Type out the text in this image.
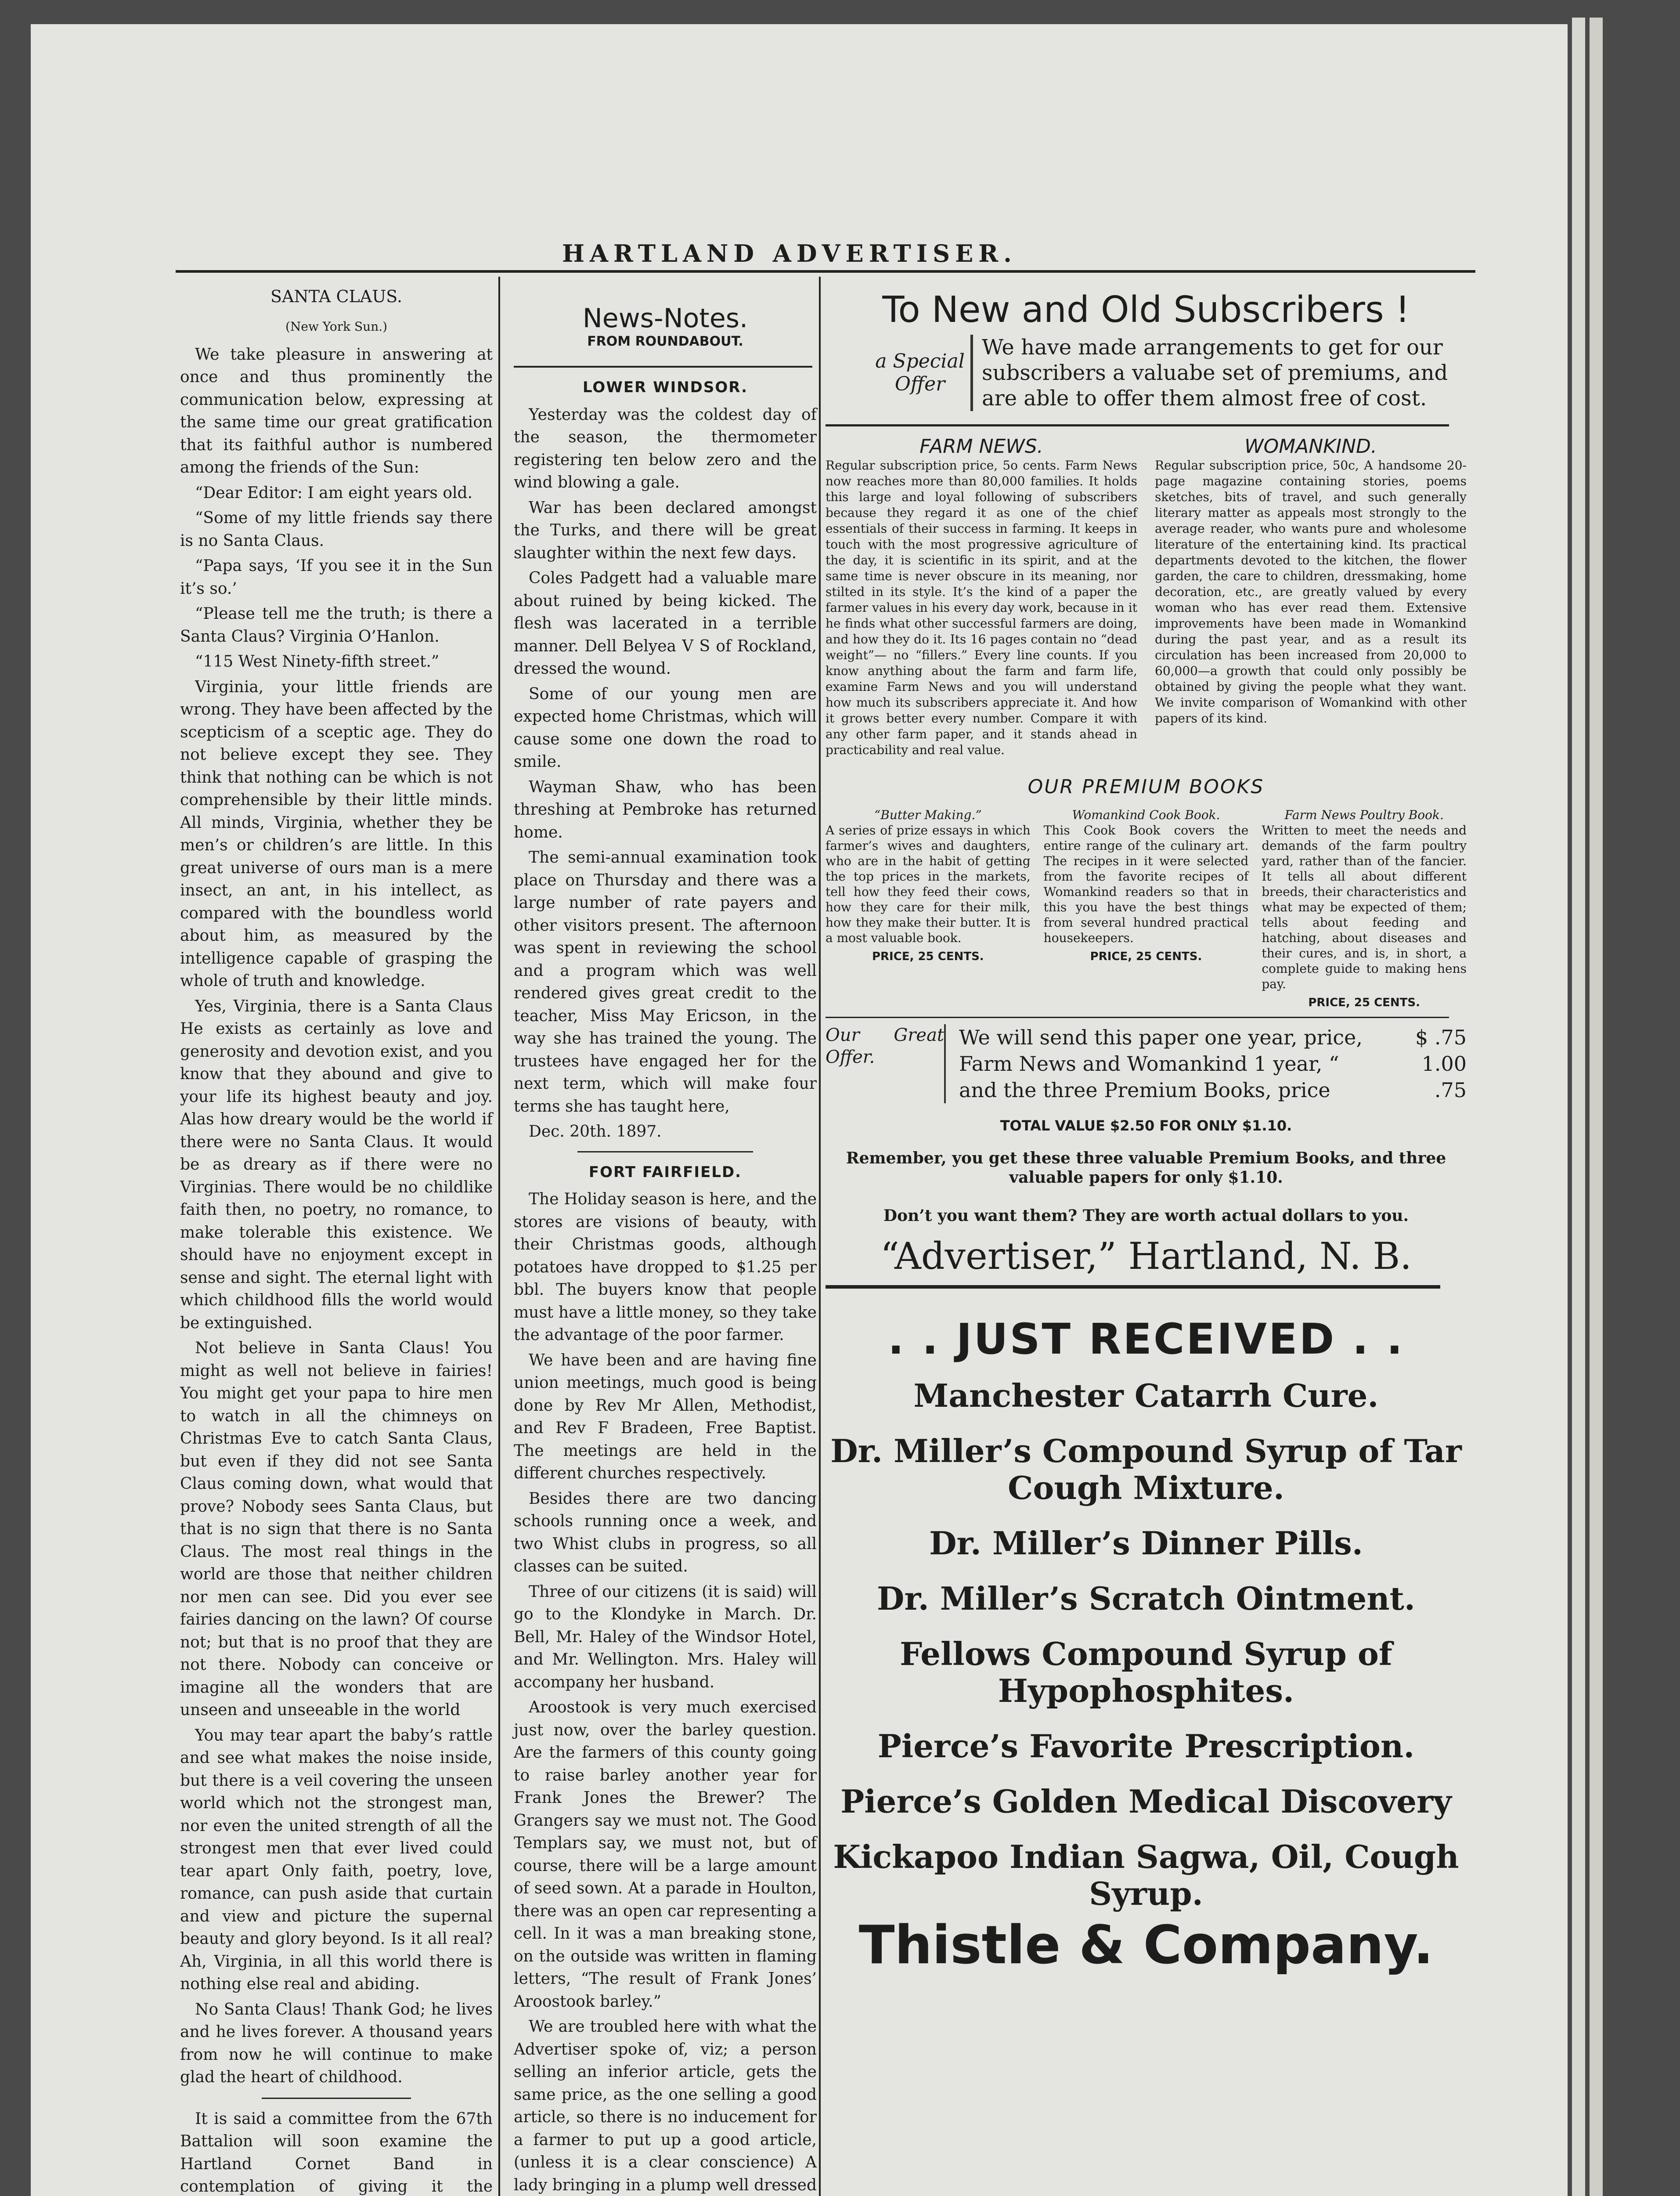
HARTLAND ADVERTISER.
SANTA CLAUS.
(New York Sun.)

We take pleasure in answering at once and thus prominently the communication below, expressing at the same time our great gratification that its faithful author is numbered among the friends of the Sun:

“Dear Editor: I am eight years old.

“Some of my little friends say there is no Santa Claus.

“Papa says, ‘If you see it in the Sun it’s so.’

“Please tell me the truth; is there a Santa Claus? Virginia O’Hanlon.

“115 West Ninety-fifth street.”

Virginia, your little friends are wrong. They have been affected by the scepticism of a sceptic age. They do not believe except they see. They think that nothing can be which is not comprehensible by their little minds. All minds, Virginia, whether they be men’s or children’s are little. In this great universe of ours man is a mere insect, an ant, in his intellect, as compared with the boundless world about him, as measured by the intelligence capable of grasping the whole of truth and knowledge.

Yes, Virginia, there is a Santa Claus He exists as certainly as love and generosity and devotion exist, and you know that they abound and give to your life its highest beauty and joy. Alas how dreary would be the world if there were no Santa Claus. It would be as dreary as if there were no Virginias. There would be no childlike faith then, no poetry, no romance, to make tolerable this existence. We should have no enjoyment except in sense and sight. The eternal light with which childhood fills the world would be extinguished.

Not believe in Santa Claus! You might as well not believe in fairies! You might get your papa to hire men to watch in all the chimneys on Christmas Eve to catch Santa Claus, but even if they did not see Santa Claus coming down, what would that prove? Nobody sees Santa Claus, but that is no sign that there is no Santa Claus. The most real things in the world are those that neither children nor men can see. Did you ever see fairies dancing on the lawn? Of course not; but that is no proof that they are not there. Nobody can conceive or imagine all the wonders that are unseen and unseeable in the world

You may tear apart the baby’s rattle and see what makes the noise inside, but there is a veil covering the unseen world which not the strongest man, nor even the united strength of all the strongest men that ever lived could tear apart Only faith, poetry, love, romance, can push aside that curtain and view and picture the supernal beauty and glory beyond. Is it all real? Ah, Virginia, in all this world there is nothing else real and abiding.

No Santa Claus! Thank God; he lives and he lives forever. A thousand years from now he will continue to make glad the heart of childhood.

It is said a committee from the 67th Battalion will soon examine the Hartland Cornet Band in contemplation of giving it the

News-Notes.
FROM ROUNDABOUT.
LOWER WINDSOR.

Yesterday was the coldest day of the season, the thermometer registering ten below zero and the wind blowing a gale.

War has been declared amongst the Turks, and there will be great slaughter within the next few days.

Coles Padgett had a valuable mare about ruined by being kicked. The flesh was lacerated in a terrible manner. Dell Belyea V S of Rockland, dressed the wound.

Some of our young men are expected home Christmas, which will cause some one down the road to smile.

Wayman Shaw, who has been threshing at Pembroke has returned home.

The semi-annual examination took place on Thursday and there was a large number of rate payers and other visitors present. The afternoon was spent in reviewing the school and a program which was well rendered gives great credit to the teacher, Miss May Ericson, in the way she has trained the young. The trustees have engaged her for the next term, which will make four terms she has taught here,

Dec. 20th. 1897.

FORT FAIRFIELD.

The Holiday season is here, and the stores are visions of beauty, with their Christmas goods, although potatoes have dropped to $1.25 per bbl. The buyers know that people must have a little money, so they take the advantage of the poor farmer.

We have been and are having fine union meetings, much good is being done by Rev Mr Allen, Methodist, and Rev F Bradeen, Free Baptist. The meetings are held in the different churches respectively.

Besides there are two dancing schools running once a week, and two Whist clubs in progress, so all classes can be suited.

Three of our citizens (it is said) will go to the Klondyke in March. Dr. Bell, Mr. Haley of the Windsor Hotel, and Mr. Wellington. Mrs. Haley will accompany her husband.

Aroostook is very much exercised just now, over the barley question. Are the farmers of this county going to raise barley another year for Frank Jones the Brewer? The Grangers say we must not. The Good Templars say, we must not, but of course, there will be a large amount of seed sown. At a parade in Houlton, there was an open car representing a cell. In it was a man breaking stone, on the outside was written in flaming letters, “The result of Frank Jones’ Aroostook barley.”

We are troubled here with what the Advertiser spoke of, viz; a person selling an inferior article, gets the same price, as the one selling a good article, so there is no inducement for a farmer to put up a good article, (unless it is a clear conscience) A lady bringing in a plump well dressed

To New and Old Subscribers !
a Special Offer
We have made arrangements to get for our subscribers a valuabe set of premiums, and are able to offer them almost free of cost.
FARM NEWS.
Regular subscription price, 5o cents. Farm News now reaches more than 80,000 families. It holds this large and loyal following of subscribers because they regard it as one of the chief essentials of their success in farming. It keeps in touch with the most progressive agriculture of the day, it is scientific in its spirit, and at the same time is never obscure in its meaning, nor stilted in its style. It’s the kind of a paper the farmer values in his every day work, because in it he finds what other successful farmers are doing, and how they do it. Its 16 pages contain no “dead weight”— no “fillers.” Every line counts. If you know anything about the farm and farm life, examine Farm News and you will understand how much its subscribers appreciate it. And how it grows better every number. Compare it with any other farm paper, and it stands ahead in practicability and real value.
WOMANKIND.
Regular subscription price, 50c, A handsome 20-page magazine containing stories, poems sketches, bits of travel, and such generally literary matter as appeals most strongly to the average reader, who wants pure and wholesome literature of the entertaining kind. Its practical departments devoted to the kitchen, the flower garden, the care to children, dressmaking, home decoration, etc., are greatly valued by every woman who has ever read them. Extensive improvements have been made in Womankind during the past year, and as a result its circulation has been increased from 20,000 to 60,000—a growth that could only possibly be obtained by giving the people what they want. We invite comparison of Womankind with other papers of its kind.
OUR PREMIUM BOOKS
“Butter Making.”
A series of prize essays in which farmer’s wives and daughters, who are in the habit of getting the top prices in the markets, tell how they feed their cows, how they care for their milk, how they make their butter. It is a most valuable book.
PRICE, 25 CENTS.
Womankind Cook Book.
This Cook Book covers the entire range of the culinary art. The recipes in it were selected from the favorite recipes of Womankind readers so that in this you have the best things from several hundred practical housekeepers.
PRICE, 25 CENTS.
Farm News Poultry Book.
Written to meet the needs and demands of the farm poultry yard, rather than of the fancier. It tells all about different breeds, their characteristics and what may be expected of them; tells about feeding and hatching, about diseases and their cures, and is, in short, a complete guide to making hens pay.
PRICE, 25 CENTS.
Our Great Offer.
We will send this paper one year, price,	$ .75
Farm News and Womankind 1 year, “	1.00
and the three Premium Books, price	.75
TOTAL VALUE $2.50 FOR ONLY $1.10.
Remember, you get these three valuable Premium Books, and three valuable papers for only $1.10.
Don’t you want them? They are worth actual dollars to you.
“Advertiser,” Hartland, N. B.
. . JUST RECEIVED . .
Manchester Catarrh Cure.
Dr. Miller’s Compound Syrup of Tar Cough Mixture.
Dr. Miller’s Dinner Pills.
Dr. Miller’s Scratch Ointment.
Fellows Compound Syrup of Hypophosphites.
Pierce’s Favorite Prescription.
Pierce’s Golden Medical Discovery
Kickapoo Indian Sagwa, Oil, Cough Syrup.
Thistle & Company.
